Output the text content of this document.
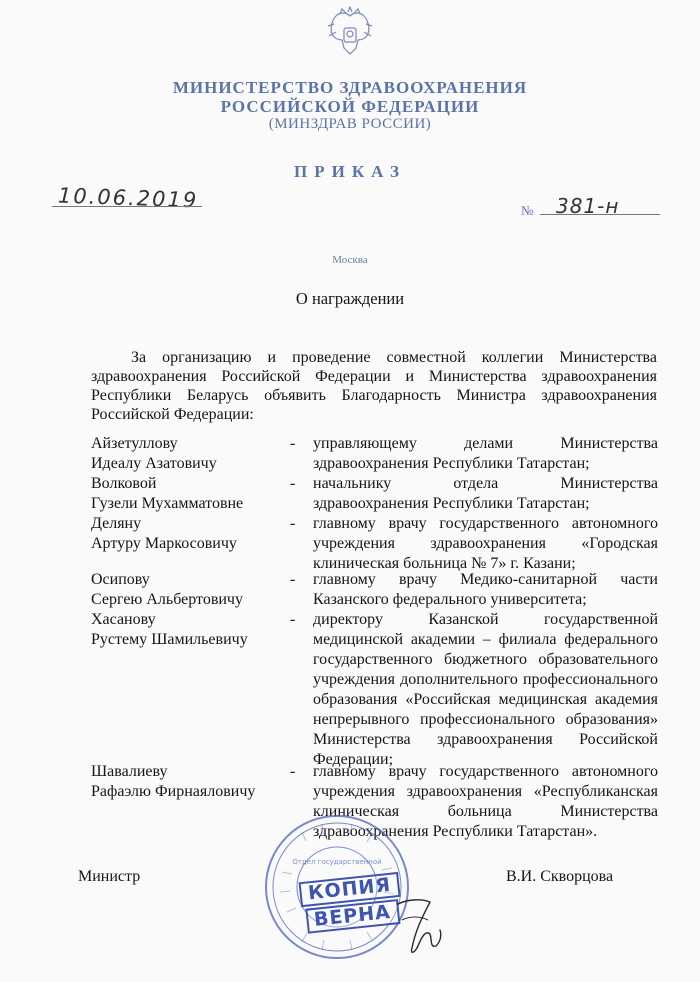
МИНИСТЕРСТВО ЗДРАВООХРАНЕНИЯ
РОССИЙСКОЙ ФЕДЕРАЦИИ
(МИНЗДРАВ РОССИИ)
ПРИКАЗ
10.06.2019	№ 381-н
Москва
О награждении

За организацию и проведение совместной коллегии Министерства здравоохранения Российской Федерации и Министерства здравоохранения Республики Беларусь объявить Благодарность Министра здравоохранения Российской Федерации:

Айзетуллову
Идеалу Азатовичу
- управляющему делами Министерства здравоохранения Республики Татарстан;
Волковой
Гузели Мухамматовне
- начальнику отдела Министерства здравоохранения Республики Татарстан;
Деляну
Артуру Маркосовичу
- главному врачу государственного автономного учреждения здравоохранения «Городская клиническая больница № 7» г. Казани;
Осипову
Сергею Альбертовичу
- главному врачу Медико-санитарной части Казанского федерального университета;
Хасанову
Рустему Шамильевичу
- директору Казанской государственной медицинской академии – филиала федерального государственного бюджетного образовательного учреждения дополнительного профессионального образования «Российская медицинская академия непрерывного профессионального образования» Министерства здравоохранения Российской Федерации;
Шавалиеву
Рафаэлю Фирнаяловичу
- главному врачу государственного автономного учреждения здравоохранения «Республиканская клиническая больница Министерства здравоохранения Республики Татарстан».
Отдел государственной
КОПИЯ
ВЕРНА
Министр	В.И. Скворцова
